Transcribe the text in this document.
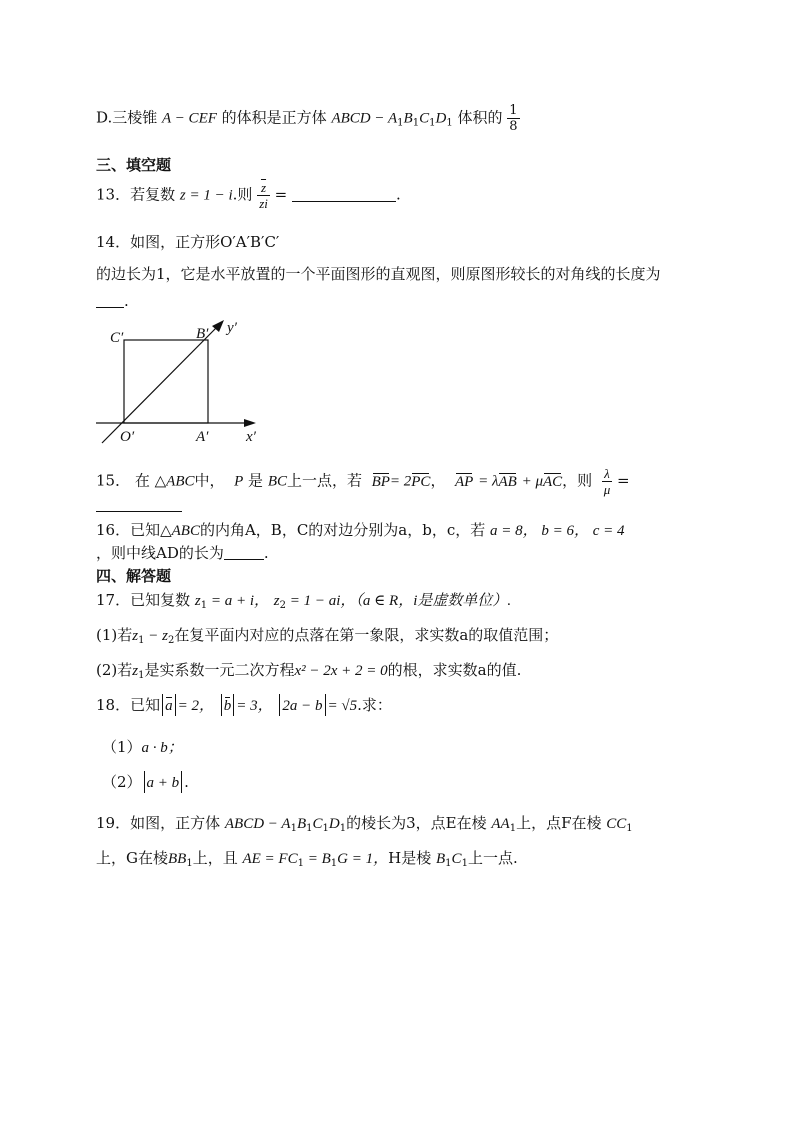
D.三棱锥 A − CEF 的体积是正方体 ABCD − $A_1B_1C_1D_1$ 体积的 $\frac{1}{8}$
三、填空题
13．若复数 z = 1 − i.则 $\frac{\overline{z}}{zi}$ =	.
14．如图，正方形O′A′B′C′
的边长为1，它是水平放置的一个平面图形的直观图，则原图形较长的对角线的长度为
.
C′	B′ y′
O′	A′	x′
15． 在 △ABC中， P 是 BC上一点，若 BP= 2PC， AP = λAB + μAC，则 $\frac{\lambda}{\mu}$ =
16．已知△ABC的内角A，B，C的对边分别为a，b，c，若 a = 8， b = 6， c = 4
，则中线AD的长为	.
四、解答题
17．已知复数 $z_1 = a + i$， $z_2 = 1$ − ai，（a ∈ R，i是虚数单位）.
(1)若$z_1 - z_2$在复平面内对应的点落在第一象限，求实数a的取值范围；
(2)若$z_1$是实系数一元二次方程x² − 2x + 2 = 0的根，求实数a的值.
18．已知 a = 2， b = 3， 2a − b = √5.求：
（1）a · b；
（2） a + b .
19．如图，正方体 ABCD − $A_1B_1C_1D_1$的棱长为3，点E在棱 $AA_1$上，点F在棱 $CC_1$
上，G在棱$BB_1$上，且 AE = $FC_1 = B_1G = 1$，H是棱 $B_1C_1$上一点.
